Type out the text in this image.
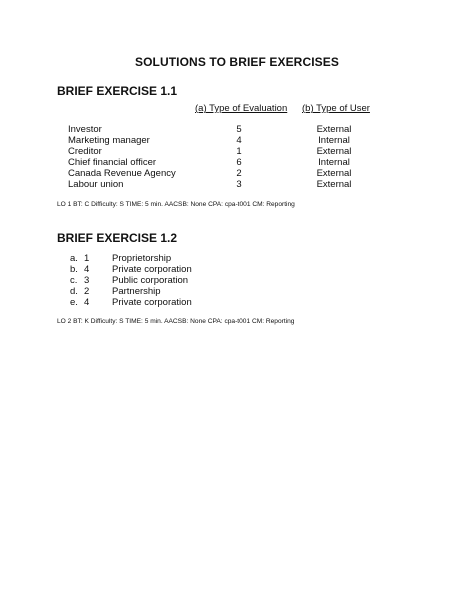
SOLUTIONS TO BRIEF EXERCISES
BRIEF EXERCISE 1.1
(a) Type of Evaluation (b) Type of User
Investor	5	External
Marketing manager	4	Internal
Creditor	1	External
Chief financial officer	6	Internal
Canada Revenue Agency	2	External
Labour union	3	External
LO 1 BT: C Difficulty: S TIME: 5 min. AACSB: None CPA: cpa-t001 CM: Reporting
BRIEF EXERCISE 1.2
a. 1 Proprietorship
b. 4 Private corporation
c. 3 Public corporation
d. 2 Partnership
e. 4 Private corporation
LO 2 BT: K Difficulty: S TIME: 5 min. AACSB: None CPA: cpa-t001 CM: Reporting
